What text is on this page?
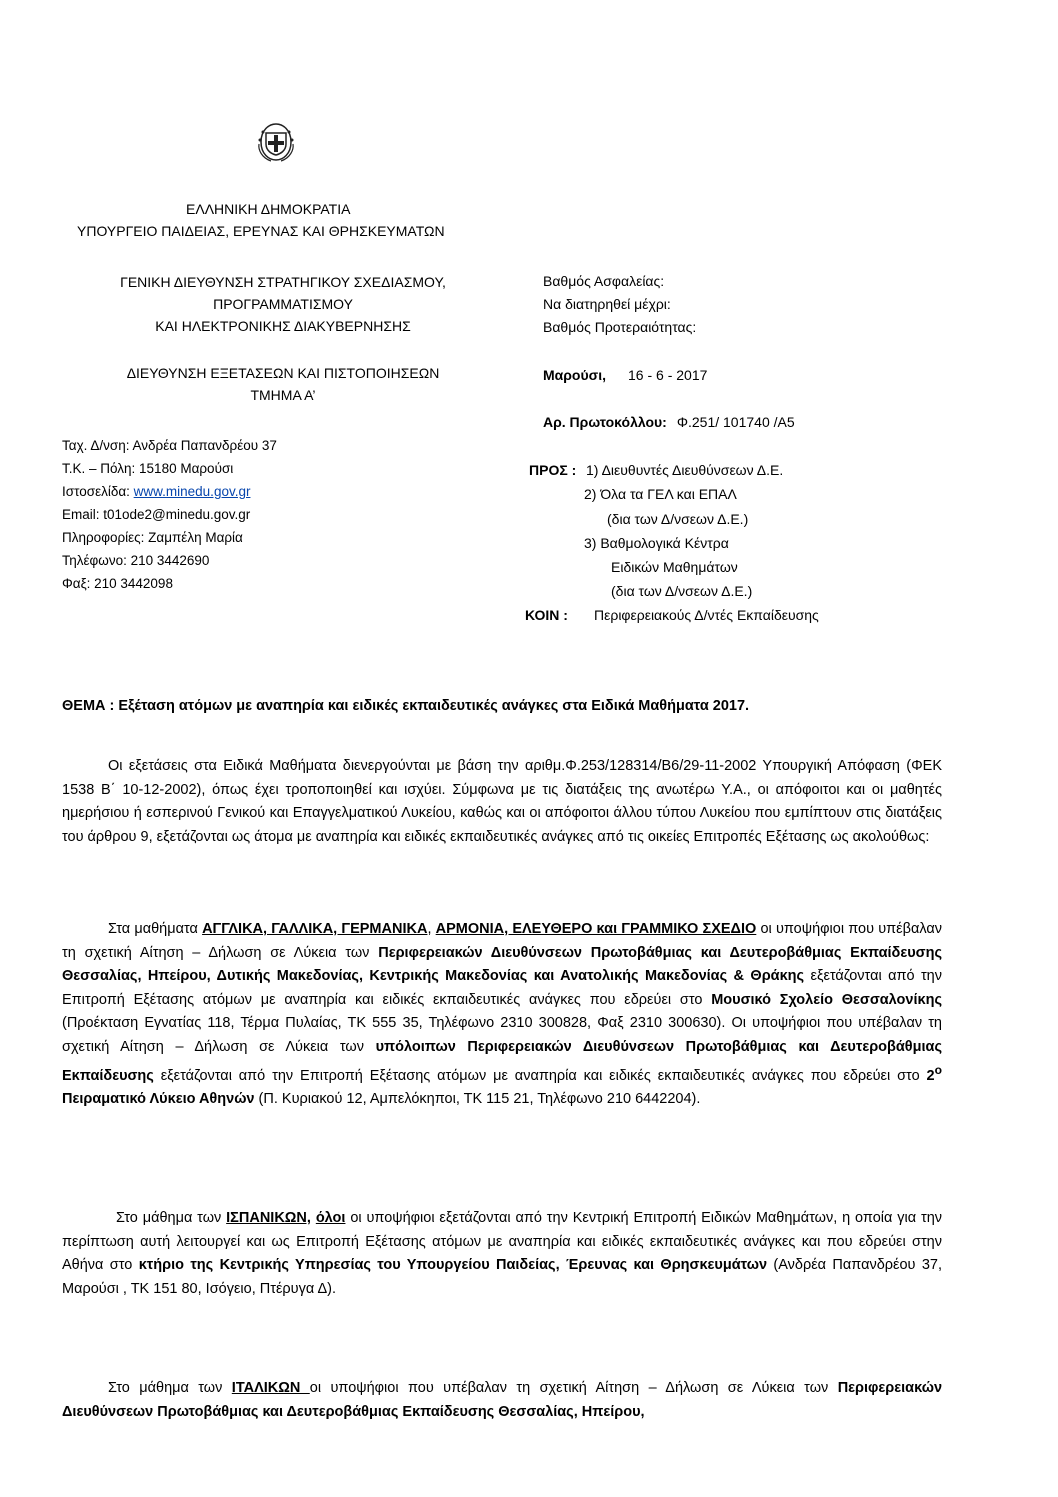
ΕΛΛΗΝΙΚΗ ΔΗΜΟΚΡΑΤΙΑ
ΥΠΟΥΡΓΕΙΟ ΠΑΙΔΕΙΑΣ, ΕΡΕΥΝΑΣ ΚΑΙ ΘΡΗΣΚΕΥΜΑΤΩΝ
ΓΕΝΙΚΗ ΔΙΕΥΘΥΝΣΗ ΣΤΡΑΤΗΓΙΚΟΥ ΣΧΕΔΙΑΣΜΟΥ,
ΠΡΟΓΡΑΜΜΑΤΙΣΜΟΥ
ΚΑΙ ΗΛΕΚΤΡΟΝΙΚΗΣ ΔΙΑΚΥΒΕΡΝΗΣΗΣ
ΔΙΕΥΘΥΝΣΗ ΕΞΕΤΑΣΕΩΝ ΚΑΙ ΠΙΣΤΟΠΟΙΗΣΕΩΝ
ΤΜΗΜΑ Α’
Ταχ. Δ/νση: Ανδρέα Παπανδρέου 37
Τ.Κ. – Πόλη: 15180 Μαρούσι
Ιστοσελίδα: www.minedu.gov.gr
Email: t01ode2@minedu.gov.gr
Πληροφορίες: Ζαμπέλη Μαρία
Τηλέφωνο: 210 3442690
Φαξ: 210 3442098
Βαθμός Ασφαλείας:
Να διατηρηθεί μέχρι:
Βαθμός Προτεραιότητας:
Μαρούσι, 16 - 6 - 2017
Αρ. Πρωτοκόλλου: Φ.251/ 101740 /Α5
ΠΡΟΣ : 1) Διευθυντές Διευθύνσεων Δ.Ε.
2) Όλα τα ΓΕΛ και ΕΠΑΛ
(δια των Δ/νσεων Δ.Ε.)
3) Βαθμολογικά Κέντρα
Ειδικών Μαθημάτων
(δια των Δ/νσεων Δ.Ε.)
ΚΟΙΝ : Περιφερειακούς Δ/ντές Εκπαίδευσης
ΘΕΜΑ : Εξέταση ατόμων με αναπηρία και ειδικές εκπαιδευτικές ανάγκες στα Ειδικά Μαθήματα 2017.
Οι εξετάσεις στα Ειδικά Μαθήματα διενεργούνται με βάση την αριθμ.Φ.253/128314/Β6/29-11-2002 Υπουργική Απόφαση (ΦΕΚ 1538 Β΄ 10-12-2002), όπως έχει τροποποιηθεί και ισχύει. Σύμφωνα με τις διατάξεις της ανωτέρω Υ.Α., οι απόφοιτοι και οι μαθητές ημερήσιου ή εσπερινού Γενικού και Επαγγελματικού Λυκείου, καθώς και οι απόφοιτοι άλλου τύπου Λυκείου που εμπίπτουν στις διατάξεις του άρθρου 9, εξετάζονται ως άτομα με αναπηρία και ειδικές εκπαιδευτικές ανάγκες από τις οικείες Επιτροπές Εξέτασης ως ακολούθως:
Στα μαθήματα ΑΓΓΛΙΚΑ, ΓΑΛΛΙΚΑ, ΓΕΡΜΑΝΙΚΑ, ΑΡΜΟΝΙΑ, ΕΛΕΥΘΕΡΟ και ΓΡΑΜΜΙΚΟ ΣΧΕΔΙΟ οι υποψήφιοι που υπέβαλαν τη σχετική Αίτηση – Δήλωση σε Λύκεια των Περιφερειακών Διευθύνσεων Πρωτοβάθμιας και Δευτεροβάθμιας Εκπαίδευσης Θεσσαλίας, Ηπείρου, Δυτικής Μακεδονίας, Κεντρικής Μακεδονίας και Ανατολικής Μακεδονίας & Θράκης εξετάζονται από την Επιτροπή Εξέτασης ατόμων με αναπηρία και ειδικές εκπαιδευτικές ανάγκες που εδρεύει στο Μουσικό Σχολείο Θεσσαλονίκης (Προέκταση Εγνατίας 118, Τέρμα Πυλαίας, ΤΚ 555 35, Τηλέφωνο 2310 300828, Φαξ 2310 300630). Οι υποψήφιοι που υπέβαλαν τη σχετική Αίτηση – Δήλωση σε Λύκεια των υπόλοιπων Περιφερειακών Διευθύνσεων Πρωτοβάθμιας και Δευτεροβάθμιας Εκπαίδευσης εξετάζονται από την Επιτροπή Εξέτασης ατόμων με αναπηρία και ειδικές εκπαιδευτικές ανάγκες που εδρεύει στο $2^o$ Πειραματικό Λύκειο Αθηνών (Π. Κυριακού 12, Αμπελόκηποι, ΤΚ 115 21, Τηλέφωνο 210 6442204).
Στο μάθημα των ΙΣΠΑΝΙΚΩΝ, όλοι οι υποψήφιοι εξετάζονται από την Κεντρική Επιτροπή Ειδικών Μαθημάτων, η οποία για την περίπτωση αυτή λειτουργεί και ως Επιτροπή Εξέτασης ατόμων με αναπηρία και ειδικές εκπαιδευτικές ανάγκες και που εδρεύει στην Αθήνα στο κτήριο της Κεντρικής Υπηρεσίας του Υπουργείου Παιδείας, Έρευνας και Θρησκευμάτων (Ανδρέα Παπανδρέου 37, Μαρούσι , ΤΚ 151 80, Ισόγειο, Πτέρυγα Δ).
Στο μάθημα των ΙΤΑΛΙΚΩΝ οι υποψήφιοι που υπέβαλαν τη σχετική Αίτηση – Δήλωση σε Λύκεια των Περιφερειακών Διευθύνσεων Πρωτοβάθμιας και Δευτεροβάθμιας Εκπαίδευσης Θεσσαλίας, Ηπείρου,
